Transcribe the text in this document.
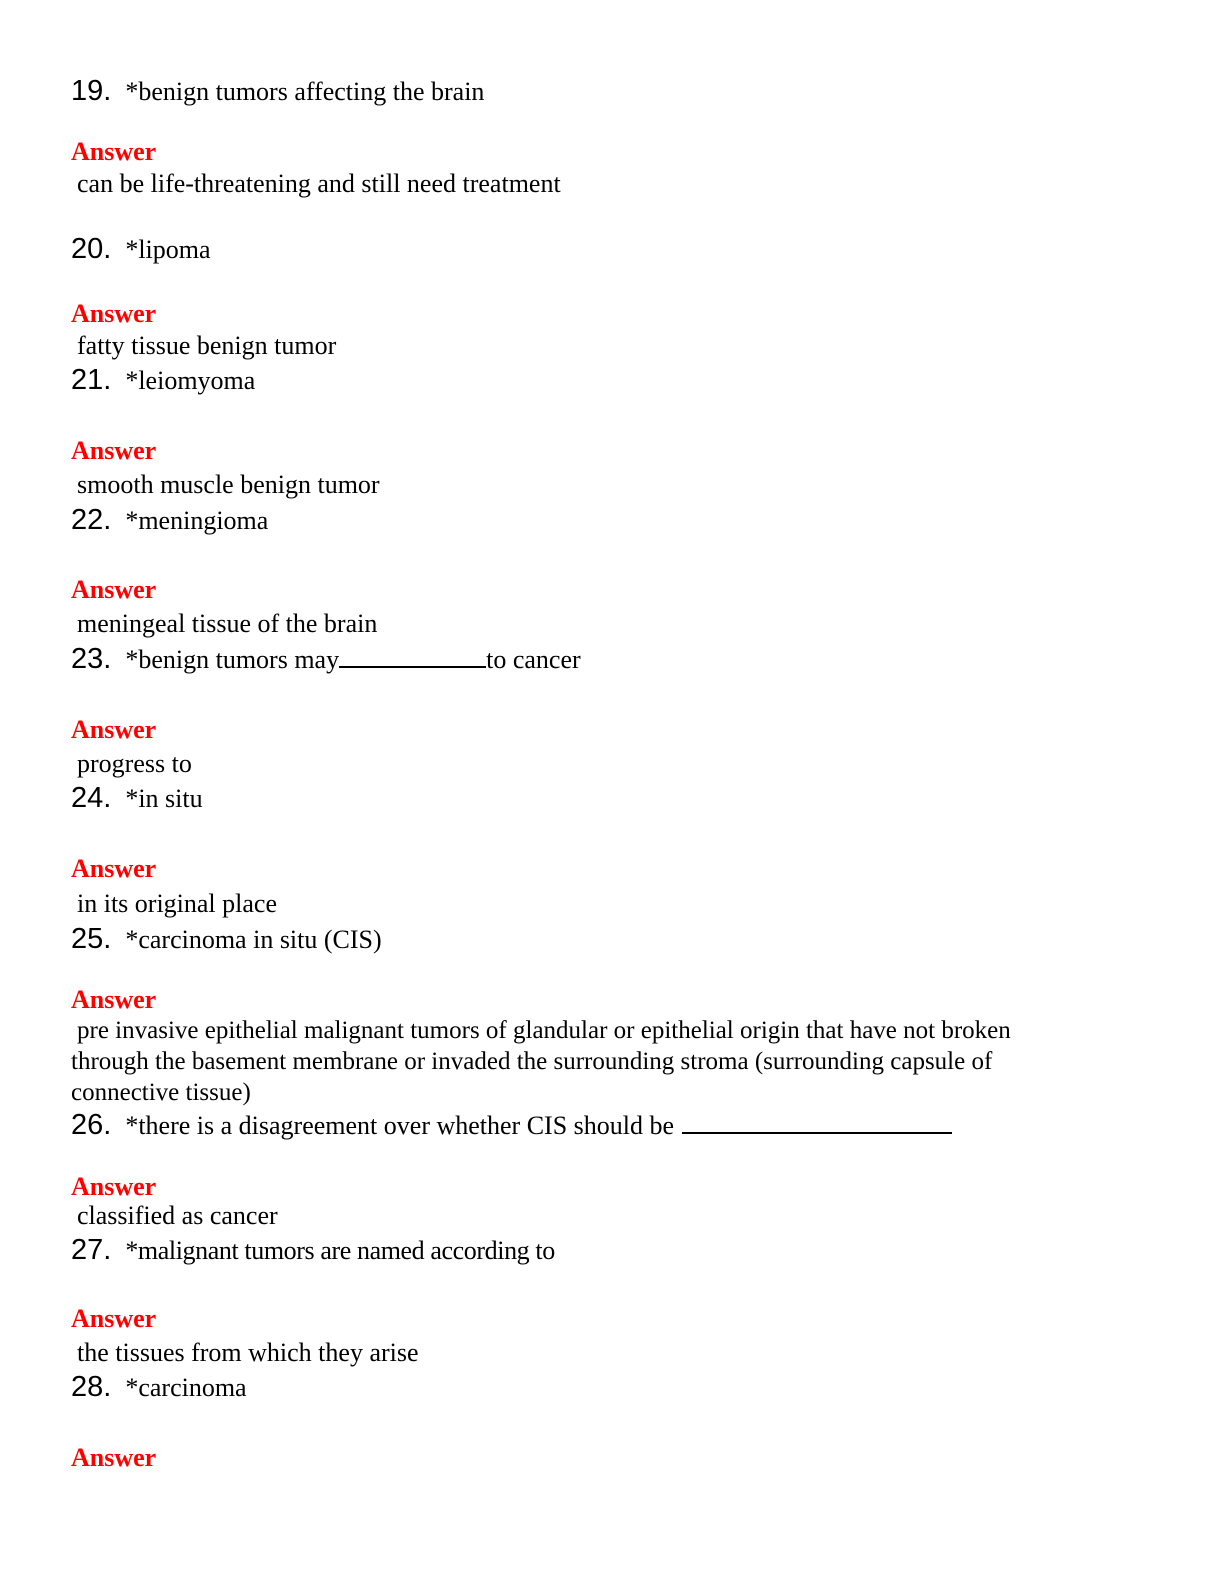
19. *benign tumors affecting the brain
Answer
can be life-threatening and still need treatment
20. *lipoma
Answer
fatty tissue benign tumor
21. *leiomyoma
Answer
smooth muscle benign tumor
22. *meningioma
Answer
meningeal tissue of the brain
23. *benign tumors may	to cancer
Answer
progress to
24. *in situ
Answer
in its original place
25. *carcinoma in situ (CIS)
Answer
pre invasive epithelial malignant tumors of glandular or epithelial origin that have not broken
through the basement membrane or invaded the surrounding stroma (surrounding capsule of
connective tissue)
26. *there is a disagreement over whether CIS should be
Answer
classified as cancer
27. *malignant tumors are named according to
Answer
the tissues from which they arise
28. *carcinoma
Answer
